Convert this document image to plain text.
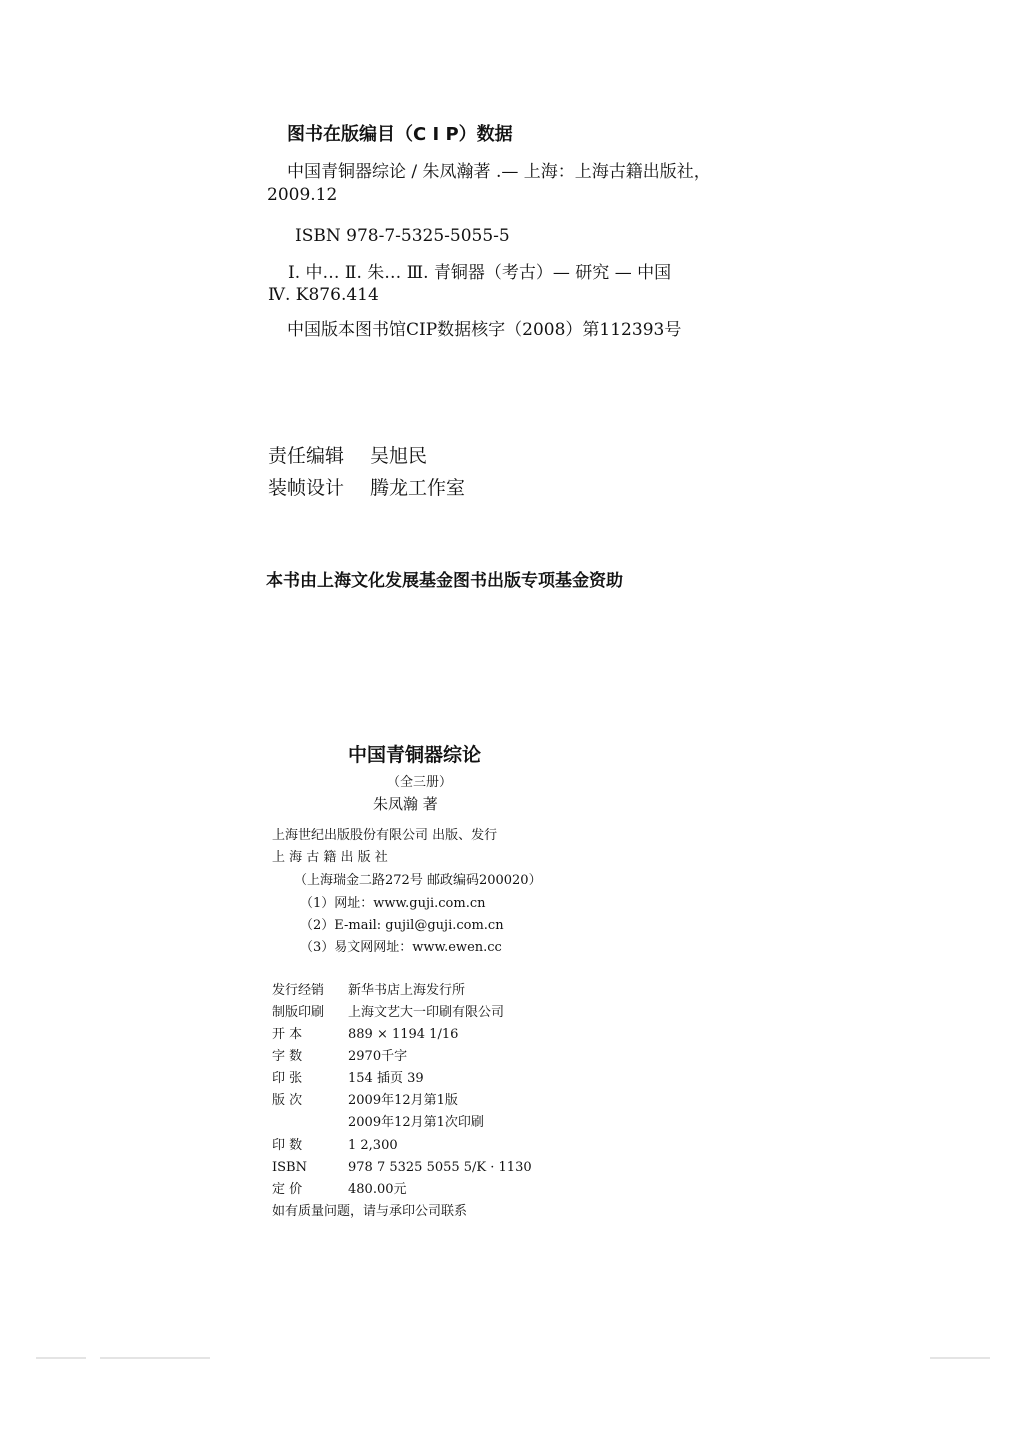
图书在版编目（C I P）数据
中国青铜器综论 / 朱凤瀚著 .— 上海：上海古籍出版社，
2009.12
ISBN 978-7-5325-5055-5
Ⅰ. 中… Ⅱ. 朱… Ⅲ. 青铜器（考古）— 研究 — 中国
Ⅳ. K876.414
中国版本图书馆CIP数据核字（2008）第112393号
责任编辑 吴旭民
装帧设计 腾龙工作室
本书由上海文化发展基金图书出版专项基金资助
中国青铜器综论
（全三册）
朱凤瀚 著
上海世纪出版股份有限公司 出版、发行
上 海 古 籍 出 版 社
（上海瑞金二路272号 邮政编码200020）
（1）网址：www.guji.com.cn
（2）E-mail: gujil@guji.com.cn
（3）易文网网址：www.ewen.cc
发行经销 新华书店上海发行所
制版印刷 上海文艺大一印刷有限公司
开 本	889 × 1194 1/16
字 数	2970千字
印 张	154 插页 39
版 次	2009年12月第1版
2009年12月第1次印刷
印 数	1 2,300
ISBN	978 7 5325 5055 5/K · 1130
定 价	480.00元
如有质量问题，请与承印公司联系
